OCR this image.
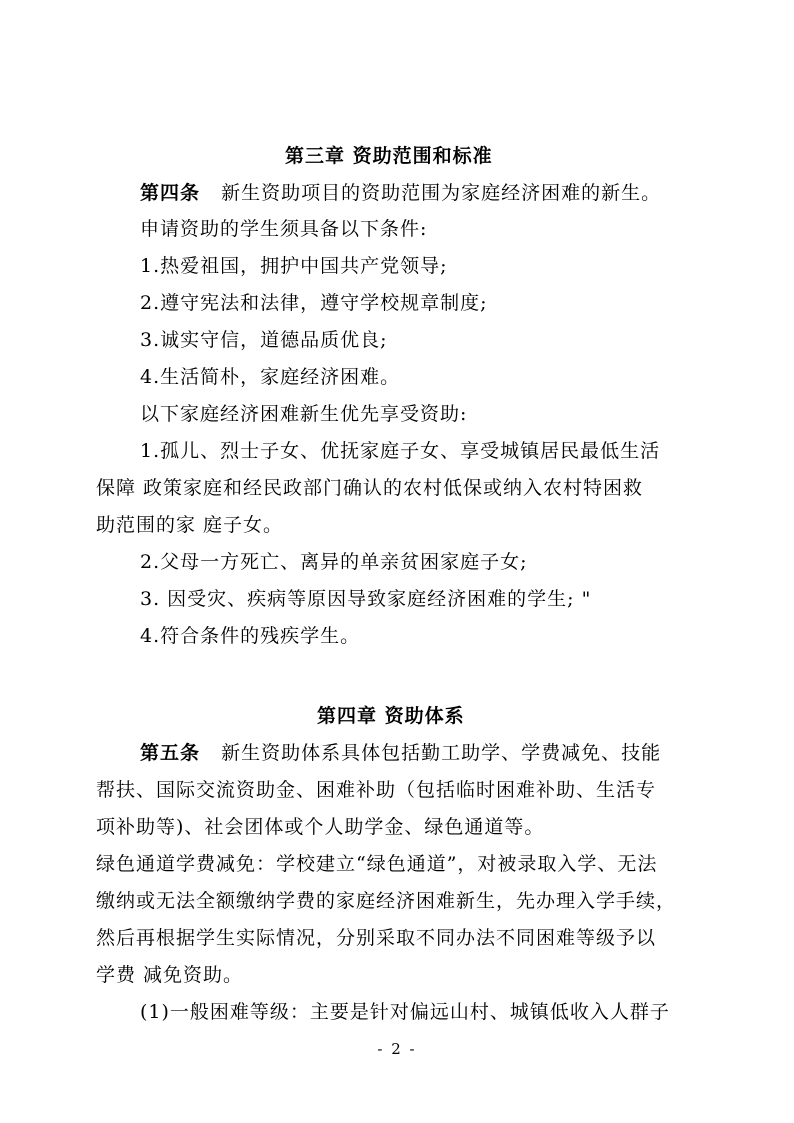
第三章 资助范围和标准
第四条 新生资助项目的资助范围为家庭经济困难的新生。
申请资助的学生须具备以下条件:
1.热爱祖国，拥护中国共产党领导;
2.遵守宪法和法律，遵守学校规章制度;
3.诚实守信，道德品质优良;
4.生活简朴，家庭经济困难。
以下家庭经济困难新生优先享受资助:
1.孤儿、烈士子女、优抚家庭子女、享受城镇居民最低生活
保障 政策家庭和经民政部门确认的农村低保或纳入农村特困救
助范围的家 庭子女。
2.父母一方死亡、离异的单亲贫困家庭子女;
3. 因受灾、疾病等原因导致家庭经济困难的学生; "
4.符合条件的残疾学生。
第四章 资助体系
第五条 新生资助体系具体包括勤工助学、学费减免、技能
帮扶、国际交流资助金、困难补助（包括临时困难补助、生活专
项补助等)、社会团体或个人助学金、绿色通道等。
绿色通道学费减免：学校建立“绿色通道”，对被录取入学、无法
缴纳或无法全额缴纳学费的家庭经济困难新生，先办理入学手续，
然后再根据学生实际情况，分别采取不同办法不同困难等级予以
学费 减免资助。
(1)一般困难等级：主要是针对偏远山村、城镇低收入人群子
- 2 -
